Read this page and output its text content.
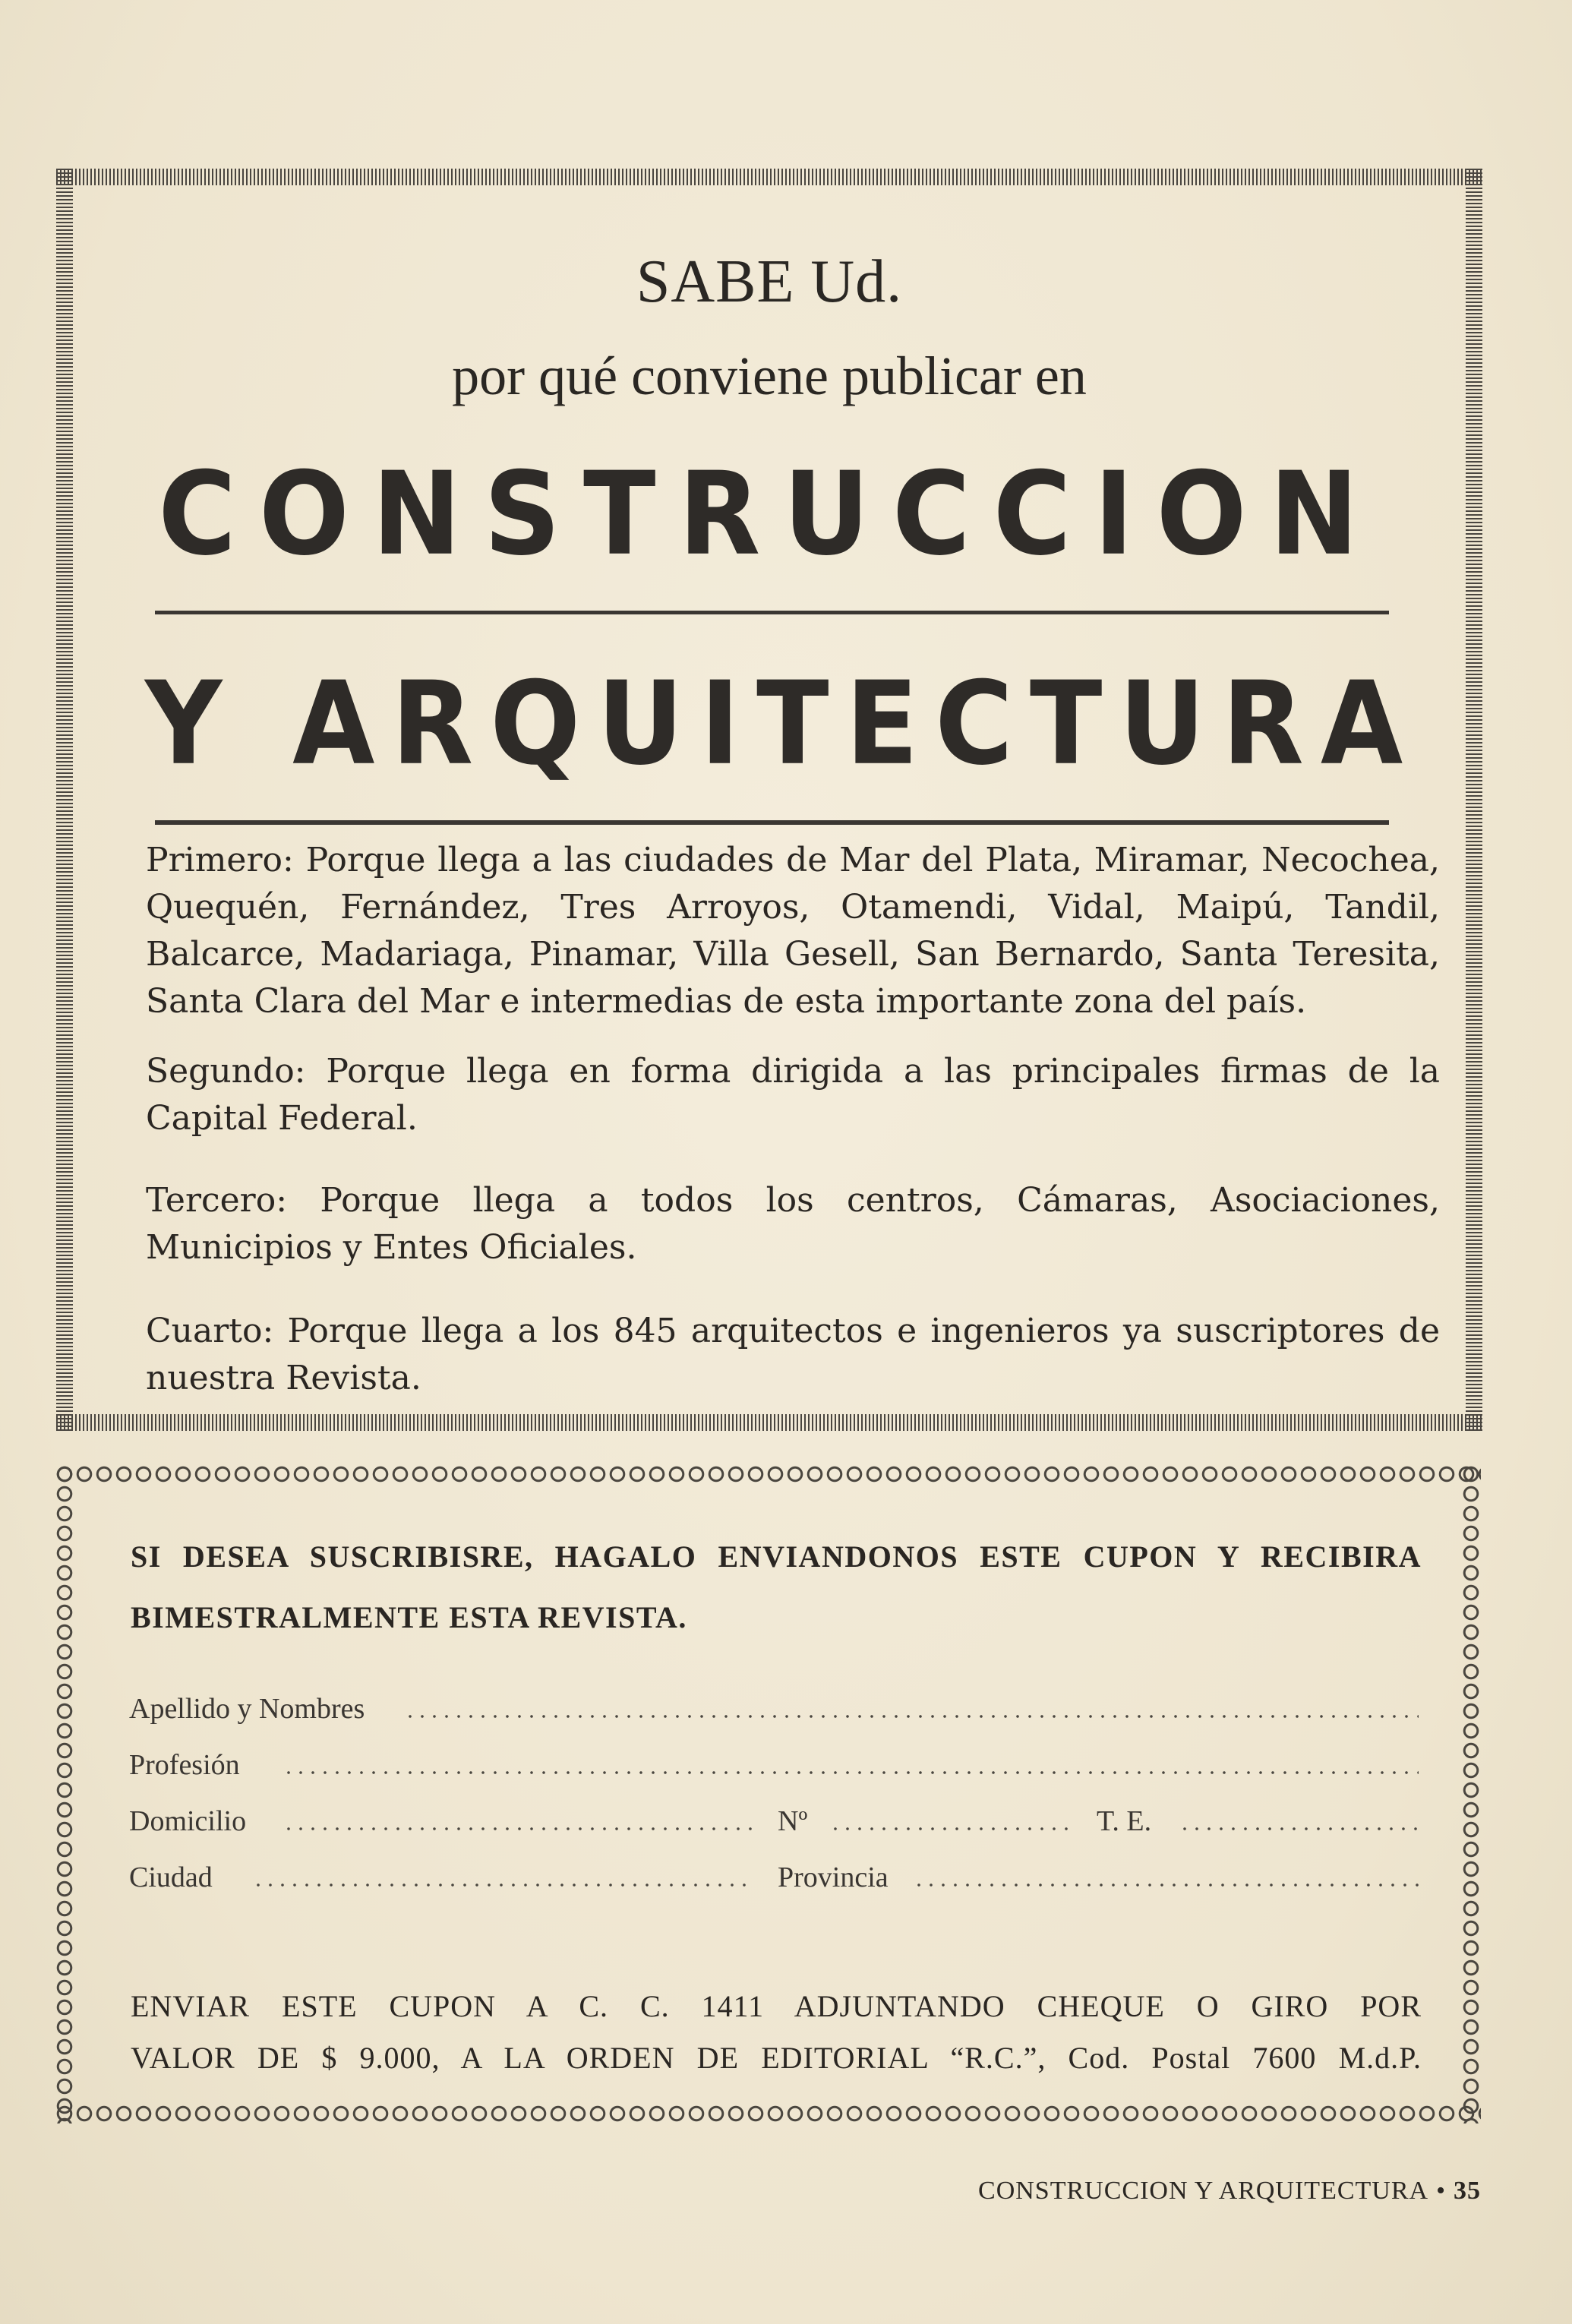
SABE Ud.
por qué conviene publicar en
CONSTRUCCION
Y ARQUITECTURA

Primero: Porque llega a las ciudades de Mar del Plata, Miramar, Necochea, Quequén, Fernández, Tres Arroyos, Otamendi, Vidal, Maipú, Tandil, Balcarce, Madariaga, Pinamar, Villa Gesell, San Bernardo, Santa Teresita, Santa Clara del Mar e intermedias de esta importante zona del país.

Segundo: Porque llega en forma dirigida a las principales firmas de la Capital Federal.

Tercero: Porque llega a todos los centros, Cámaras, Asociaciones, Municipios y Entes Oficiales.

Cuarto: Porque llega a los 845 arquitectos e ingenieros ya suscriptores de nuestra Revista.

SI DESEA SUSCRIBISRE, HAGALO ENVIANDONOS ESTE CUPON Y RECIBIRA BIMESTRALMENTE ESTA REVISTA.
Apellido y Nombres
Profesión
Domicilio	Nº	T. E.
Ciudad	Provincia
ENVIAR ESTE CUPON A C. C. 1411 ADJUNTANDO CHEQUE O GIRO POR
VALOR DE $ 9.000, A LA ORDEN DE EDITORIAL “R.C.”, Cod. Postal 7600 M.d.P.
CONSTRUCCION Y ARQUITECTURA • 35
